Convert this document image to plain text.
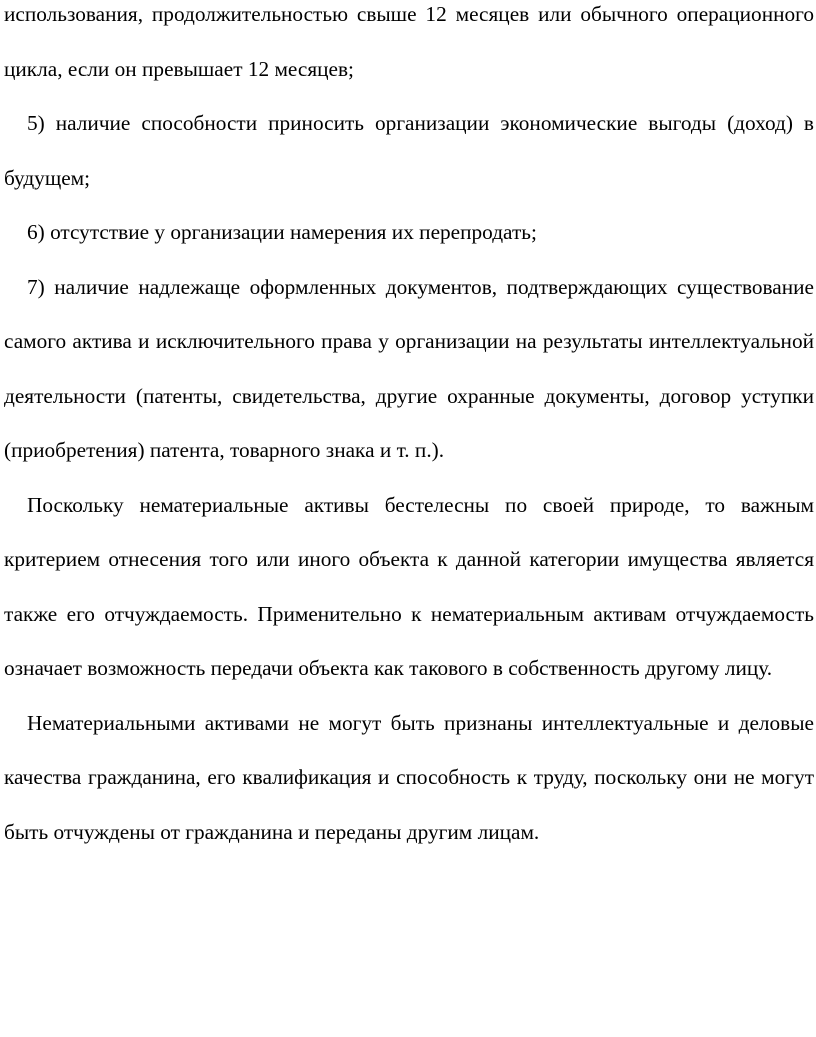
использования, продолжительностью свыше 12 месяцев или обычного операционного цикла, если он превышает 12 месяцев;

5) наличие способности приносить организации экономические выгоды (доход) в будущем;

6) отсутствие у организации намерения их перепродать;

7) наличие надлежаще оформленных документов, подтверждающих существование самого актива и исключительного права у организации на результаты интеллектуальной деятельности (патенты, свидетельства, другие охранные документы, договор уступки (приобретения) патента, товарного знака и т. п.).

Поскольку нематериальные активы бестелесны по своей природе, то важным критерием отнесения того или иного объекта к данной категории имущества является также его отчуждаемость. Применительно к нематериальным активам отчуждаемость означает возможность передачи объекта как такового в собственность другому лицу.

Нематериальными активами не могут быть признаны интеллектуальные и деловые качества гражданина, его квалификация и способность к труду, поскольку они не могут быть отчуждены от гражданина и переданы другим лицам.
